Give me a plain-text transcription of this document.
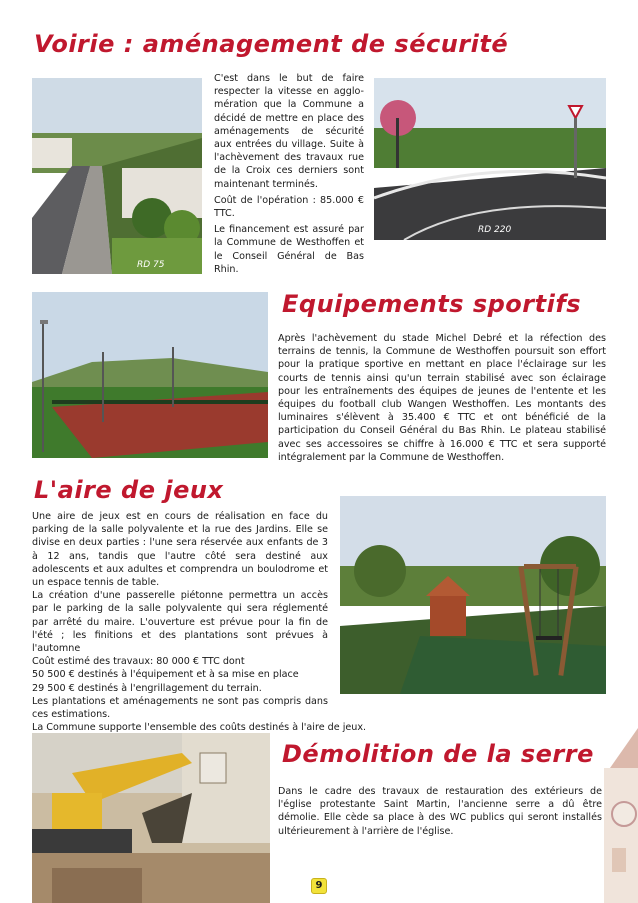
Voirie : aménagement de sécurité
RD 75

C'est dans le but de faire respecter la vitesse en agglo-mération que la Commune a décidé de mettre en place des aménagements de sécurité aux entrées du village. Suite à l'achèvement des travaux rue de la Croix ces derniers sont maintenant terminés.

Coût de l'opération : 85.000 € TTC.

Le financement est assuré par la Commune de Westhoffen et le Conseil Général de Bas Rhin.

RD 220
Equipements sportifs
Après l'achèvement du stade Michel Debré et la réfection des terrains de tennis, la Commune de Westhoffen poursuit son effort pour la pratique sportive en mettant en place l'éclairage sur les courts de tennis ainsi qu'un terrain stabilisé avec son éclairage pour les entraînements des équipes de jeunes de l'entente et les équipes du football club Wangen Westhoffen. Les montants des luminaires s'élèvent à 35.400 € TTC et ont bénéficié de la participation du Conseil Général du Bas Rhin. Le plateau stabilisé avec ses accessoires se chiffre à 16.000 € TTC et sera supporté intégralement par la Commune de Westhoffen.
L'aire de jeux
Une aire de jeux est en cours de réalisation en face du parking de la salle polyvalente et la rue des Jardins. Elle se divise en deux parties : l'une sera réservée aux enfants de 3 à 12 ans, tandis que l'autre côté sera destiné aux adolescents et aux adultes et comprendra un boulodrome et un espace tennis de table.
La création d'une passerelle piétonne permettra un accès par le parking de la salle polyvalente qui sera réglementé par arrêté du maire. L'ouverture est prévue pour la fin de l'été ; les finitions et des plantations sont prévues à l'automne
Coût estimé des travaux: 80 000 € TTC dont
50 500 € destinés à l'équipement et à sa mise en place
29 500 € destinés à l'engrillagement du terrain.
Les plantations et aménagements ne sont pas compris dans ces estimations.
La Commune supporte l'ensemble des coûts destinés à l'aire de jeux.
Démolition de la serre
Dans le cadre des travaux de restauration des extérieurs de l'église protestante Saint Martin, l'ancienne serre a dû être démolie. Elle cède sa place à des WC publics qui seront installés ultérieurement à l'arrière de l'église.
9
